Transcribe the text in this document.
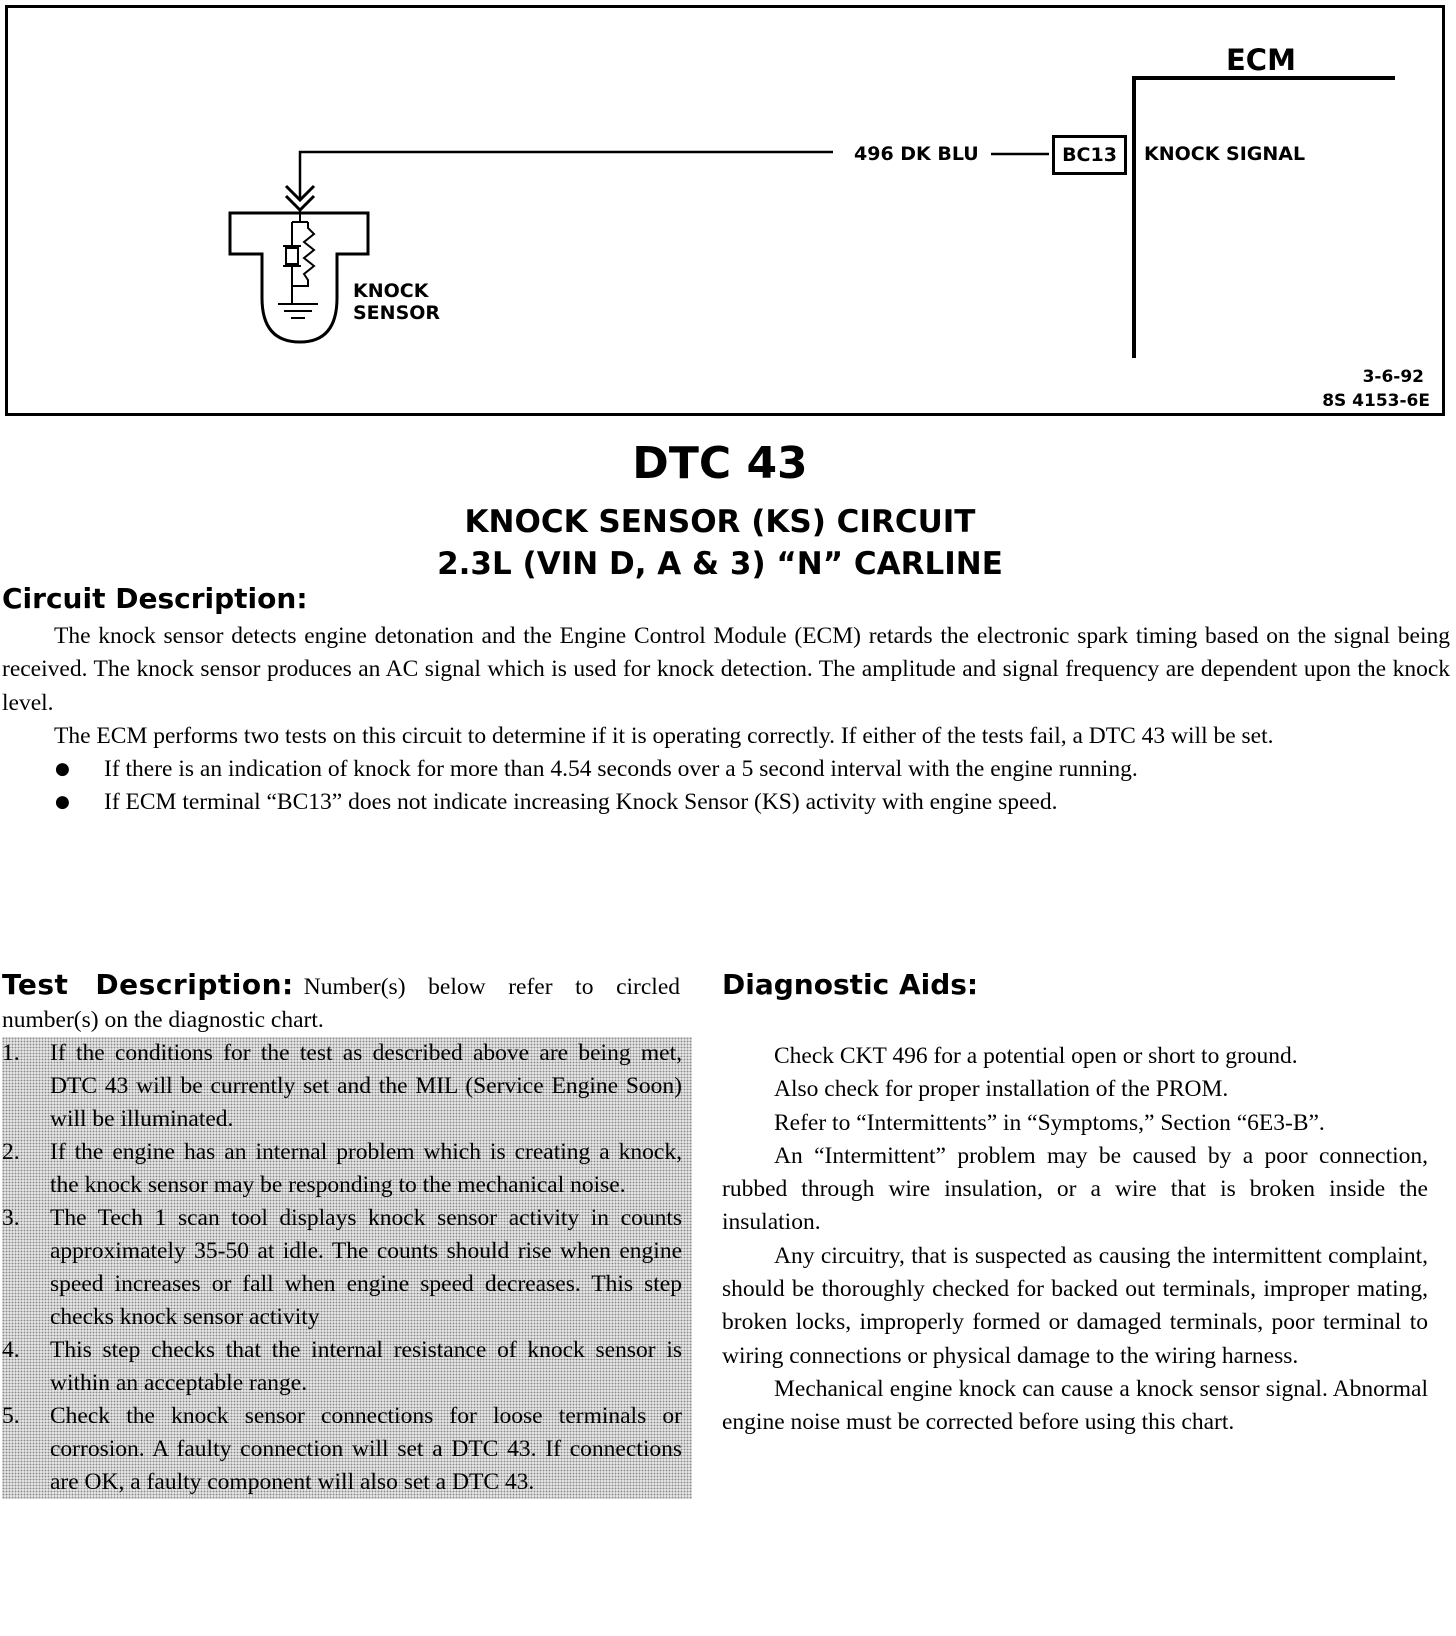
ECM
496 DK BLU	BC13	KNOCK SIGNAL
KNOCK
SENSOR
3-6-92
8S 4153-6E
DTC 43
KNOCK SENSOR (KS) CIRCUIT
2.3L (VIN D, A & 3) “N” CARLINE
Circuit Description:

The knock sensor detects engine detonation and the Engine Control Module (ECM) retards the electronic spark timing based on the signal being received. The knock sensor produces an AC signal which is used for knock detection. The amplitude and signal frequency are dependent upon the knock level.

The ECM performs two tests on this circuit to determine if it is operating correctly. If either of the tests fail, a DTC 43 will be set.

● If there is an indication of knock for more than 4.54 seconds over a 5 second interval with the engine running.

● If ECM terminal “BC13” does not indicate increasing Knock Sensor (KS) activity with engine speed.

Test Description: Number(s) below refer to circled number(s) on the diagnostic chart.

1. If the conditions for the test as described above are being met, DTC 43 will be currently set and the MIL (Service Engine Soon) will be illuminated.
2. If the engine has an internal problem which is creating a knock, the knock sensor may be responding to the mechanical noise.
3. The Tech 1 scan tool displays knock sensor activity in counts approximately 35-50 at idle. The counts should rise when engine speed increases or fall when engine speed decreases. This step checks knock sensor activity
4. This step checks that the internal resistance of knock sensor is within an acceptable range.
5. Check the knock sensor connections for loose terminals or corrosion. A faulty connection will set a DTC 43. If connections are OK, a faulty component will also set a DTC 43.
Diagnostic Aids:

Check CKT 496 for a potential open or short to ground.

Also check for proper installation of the PROM.

Refer to “Intermittents” in “Symptoms,” Section “6E3-B”.

An “Intermittent” problem may be caused by a poor connection, rubbed through wire insulation, or a wire that is broken inside the insulation.

Any circuitry, that is suspected as causing the intermittent complaint, should be thoroughly checked for backed out terminals, improper mating, broken locks, improperly formed or damaged terminals, poor terminal to wiring connections or physical damage to the wiring harness.

Mechanical engine knock can cause a knock sensor signal. Abnormal engine noise must be corrected before using this chart.
